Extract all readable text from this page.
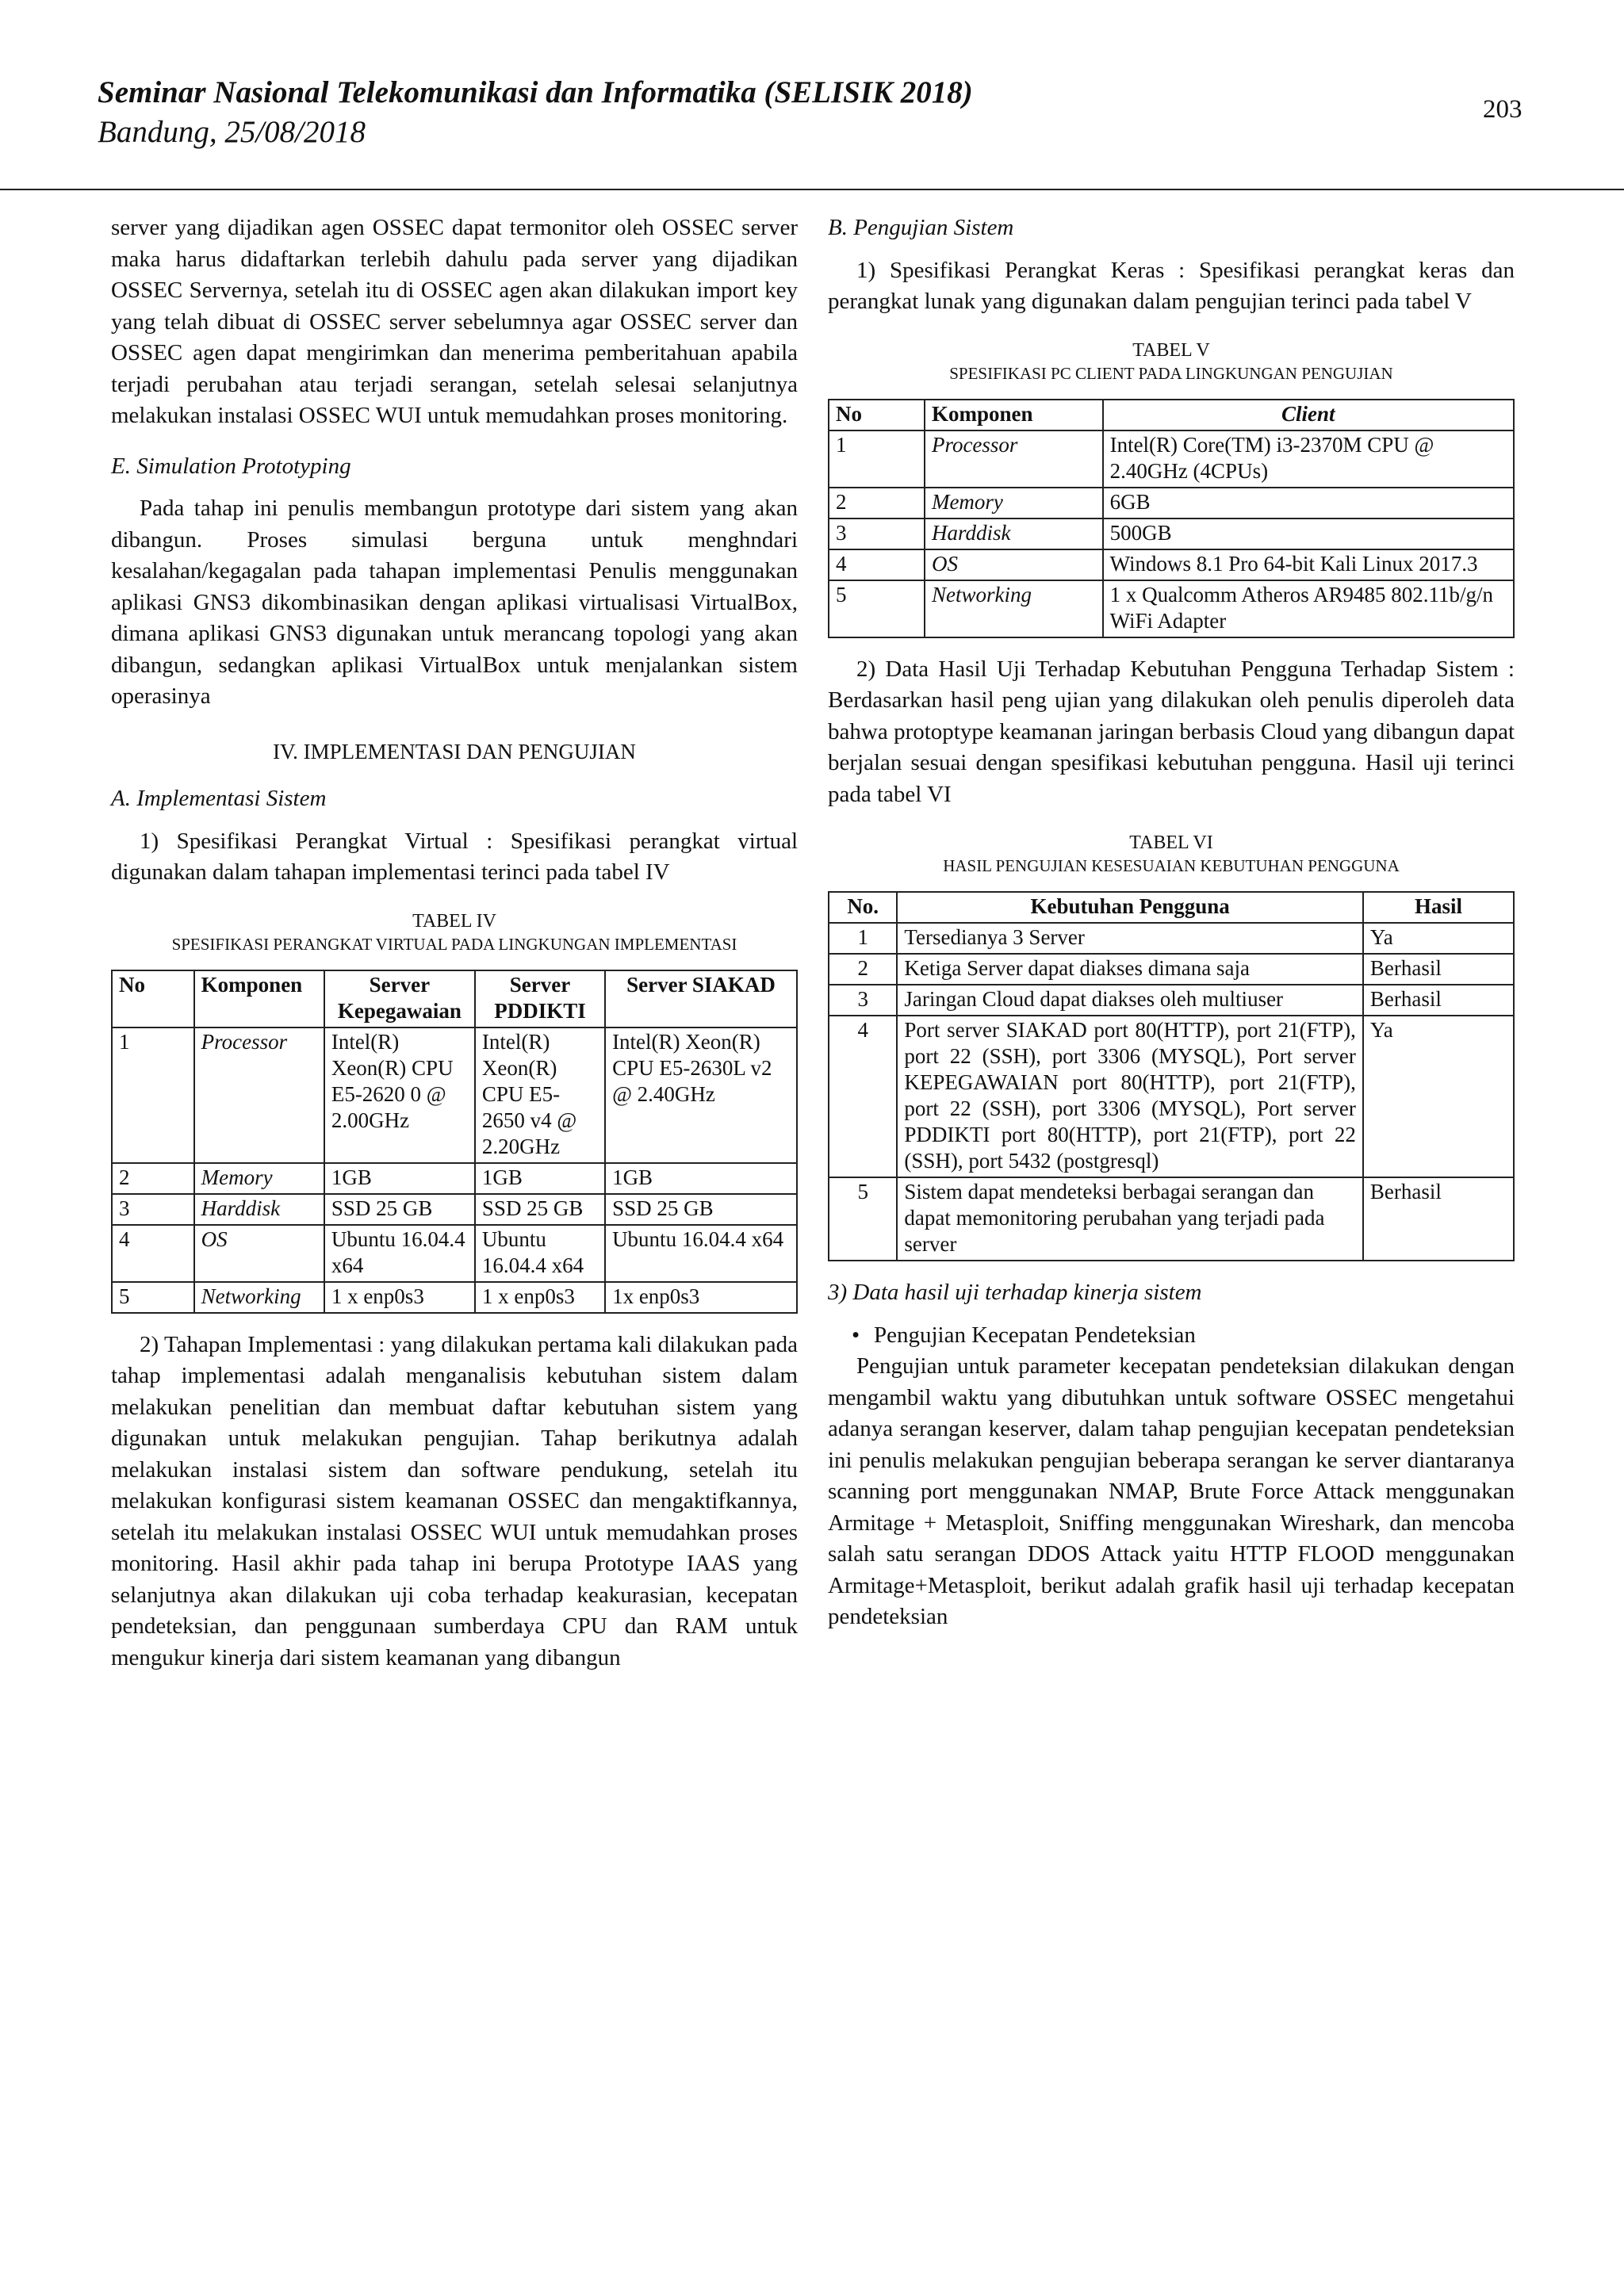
Seminar Nasional Telekomunikasi dan Informatika (SELISIK 2018)
Bandung, 25/08/2018
203

server yang dijadikan agen OSSEC dapat termonitor oleh OSSEC server maka harus didaftarkan terlebih dahulu pada server yang dijadikan OSSEC Servernya, setelah itu di OSSEC agen akan dilakukan import key yang telah dibuat di OSSEC server sebelumnya agar OSSEC server dan OSSEC agen dapat mengirimkan dan menerima pemberitahuan apabila terjadi perubahan atau terjadi serangan, setelah selesai selanjutnya melakukan instalasi OSSEC WUI untuk memudahkan proses monitoring.

E. Simulation Prototyping

Pada tahap ini penulis membangun prototype dari sistem yang akan dibangun. Proses simulasi berguna untuk menghndari kesalahan/kegagalan pada tahapan implementasi Penulis menggunakan aplikasi GNS3 dikombinasikan dengan aplikasi virtualisasi VirtualBox, dimana aplikasi GNS3 digunakan untuk merancang topologi yang akan dibangun, sedangkan aplikasi VirtualBox untuk menjalankan sistem operasinya

IV. IMPLEMENTASI DAN PENGUJIAN
A. Implementasi Sistem

1) Spesifikasi Perangkat Virtual : Spesifikasi perangkat virtual digunakan dalam tahapan implementasi terinci pada tabel IV

TABEL IV
SPESIFIKASI PERANGKAT VIRTUAL PADA LINGKUNGAN IMPLEMENTASI
No	Komponen	Server Kepegawaian	Server PDDIKTI	Server SIAKAD
1	Processor	Intel(R) Xeon(R) CPU E5-2620 0 @ 2.00GHz	Intel(R) Xeon(R) CPU E5-2650 v4 @ 2.20GHz	Intel(R) Xeon(R) CPU E5-2630L v2 @ 2.40GHz
2	Memory	1GB	1GB	1GB
3	Harddisk	SSD 25 GB	SSD 25 GB	SSD 25 GB
4	OS	Ubuntu 16.04.4 x64	Ubuntu 16.04.4 x64	Ubuntu 16.04.4 x64
5	Networking	1 x enp0s3	1 x enp0s3	1x enp0s3

2) Tahapan Implementasi : yang dilakukan pertama kali dilakukan pada tahap implementasi adalah menganalisis kebutuhan sistem dalam melakukan penelitian dan membuat daftar kebutuhan sistem yang digunakan untuk melakukan pengujian. Tahap berikutnya adalah melakukan instalasi sistem dan software pendukung, setelah itu melakukan konfigurasi sistem keamanan OSSEC dan mengaktifkannya, setelah itu melakukan instalasi OSSEC WUI untuk memudahkan proses monitoring. Hasil akhir pada tahap ini berupa Prototype IAAS yang selanjutnya akan dilakukan uji coba terhadap keakurasian, kecepatan pendeteksian, dan penggunaan sumberdaya CPU dan RAM untuk mengukur kinerja dari sistem keamanan yang dibangun

B. Pengujian Sistem

1) Spesifikasi Perangkat Keras : Spesifikasi perangkat keras dan perangkat lunak yang digunakan dalam pengujian terinci pada tabel V

TABEL V
SPESIFIKASI PC CLIENT PADA LINGKUNGAN PENGUJIAN
No	Komponen	Client
1	Processor	Intel(R) Core(TM) i3-2370M CPU @ 2.40GHz (4CPUs)
2	Memory	6GB
3	Harddisk	500GB
4	OS	Windows 8.1 Pro 64-bit Kali Linux 2017.3
5	Networking	1 x Qualcomm Atheros AR9485 802.11b/g/n WiFi Adapter

2) Data Hasil Uji Terhadap Kebutuhan Pengguna Terhadap Sistem : Berdasarkan hasil peng ujian yang dilakukan oleh penulis diperoleh data bahwa protoptype keamanan jaringan berbasis Cloud yang dibangun dapat berjalan sesuai dengan spesifikasi kebutuhan pengguna. Hasil uji terinci pada tabel VI

TABEL VI
HASIL PENGUJIAN KESESUAIAN KEBUTUHAN PENGGUNA
No.	Kebutuhan Pengguna	Hasil
1	Tersedianya 3 Server	Ya
2	Ketiga Server dapat diakses dimana saja	Berhasil
3	Jaringan Cloud dapat diakses oleh multiuser	Berhasil
4	Port server SIAKAD port 80(HTTP), port 21(FTP), port 22 (SSH), port 3306 (MYSQL), Port server KEPEGAWAIAN port 80(HTTP), port 21(FTP), port 22 (SSH), port 3306 (MYSQL), Port server PDDIKTI port 80(HTTP), port 21(FTP), port 22 (SSH), port 5432 (postgresql)	Ya
5	Sistem dapat mendeteksi berbagai serangan dan dapat memonitoring perubahan yang terjadi pada server	Berhasil
3) Data hasil uji terhadap kinerja sistem
• Pengujian Kecepatan Pendeteksian

Pengujian untuk parameter kecepatan pendeteksian dilakukan dengan mengambil waktu yang dibutuhkan untuk software OSSEC mengetahui adanya serangan keserver, dalam tahap pengujian kecepatan pendeteksian ini penulis melakukan pengujian beberapa serangan ke server diantaranya scanning port menggunakan NMAP, Brute Force Attack menggunakan Armitage + Metasploit, Sniffing menggunakan Wireshark, dan mencoba salah satu serangan DDOS Attack yaitu HTTP FLOOD menggunakan Armitage+Metasploit, berikut adalah grafik hasil uji terhadap kecepatan pendeteksian
